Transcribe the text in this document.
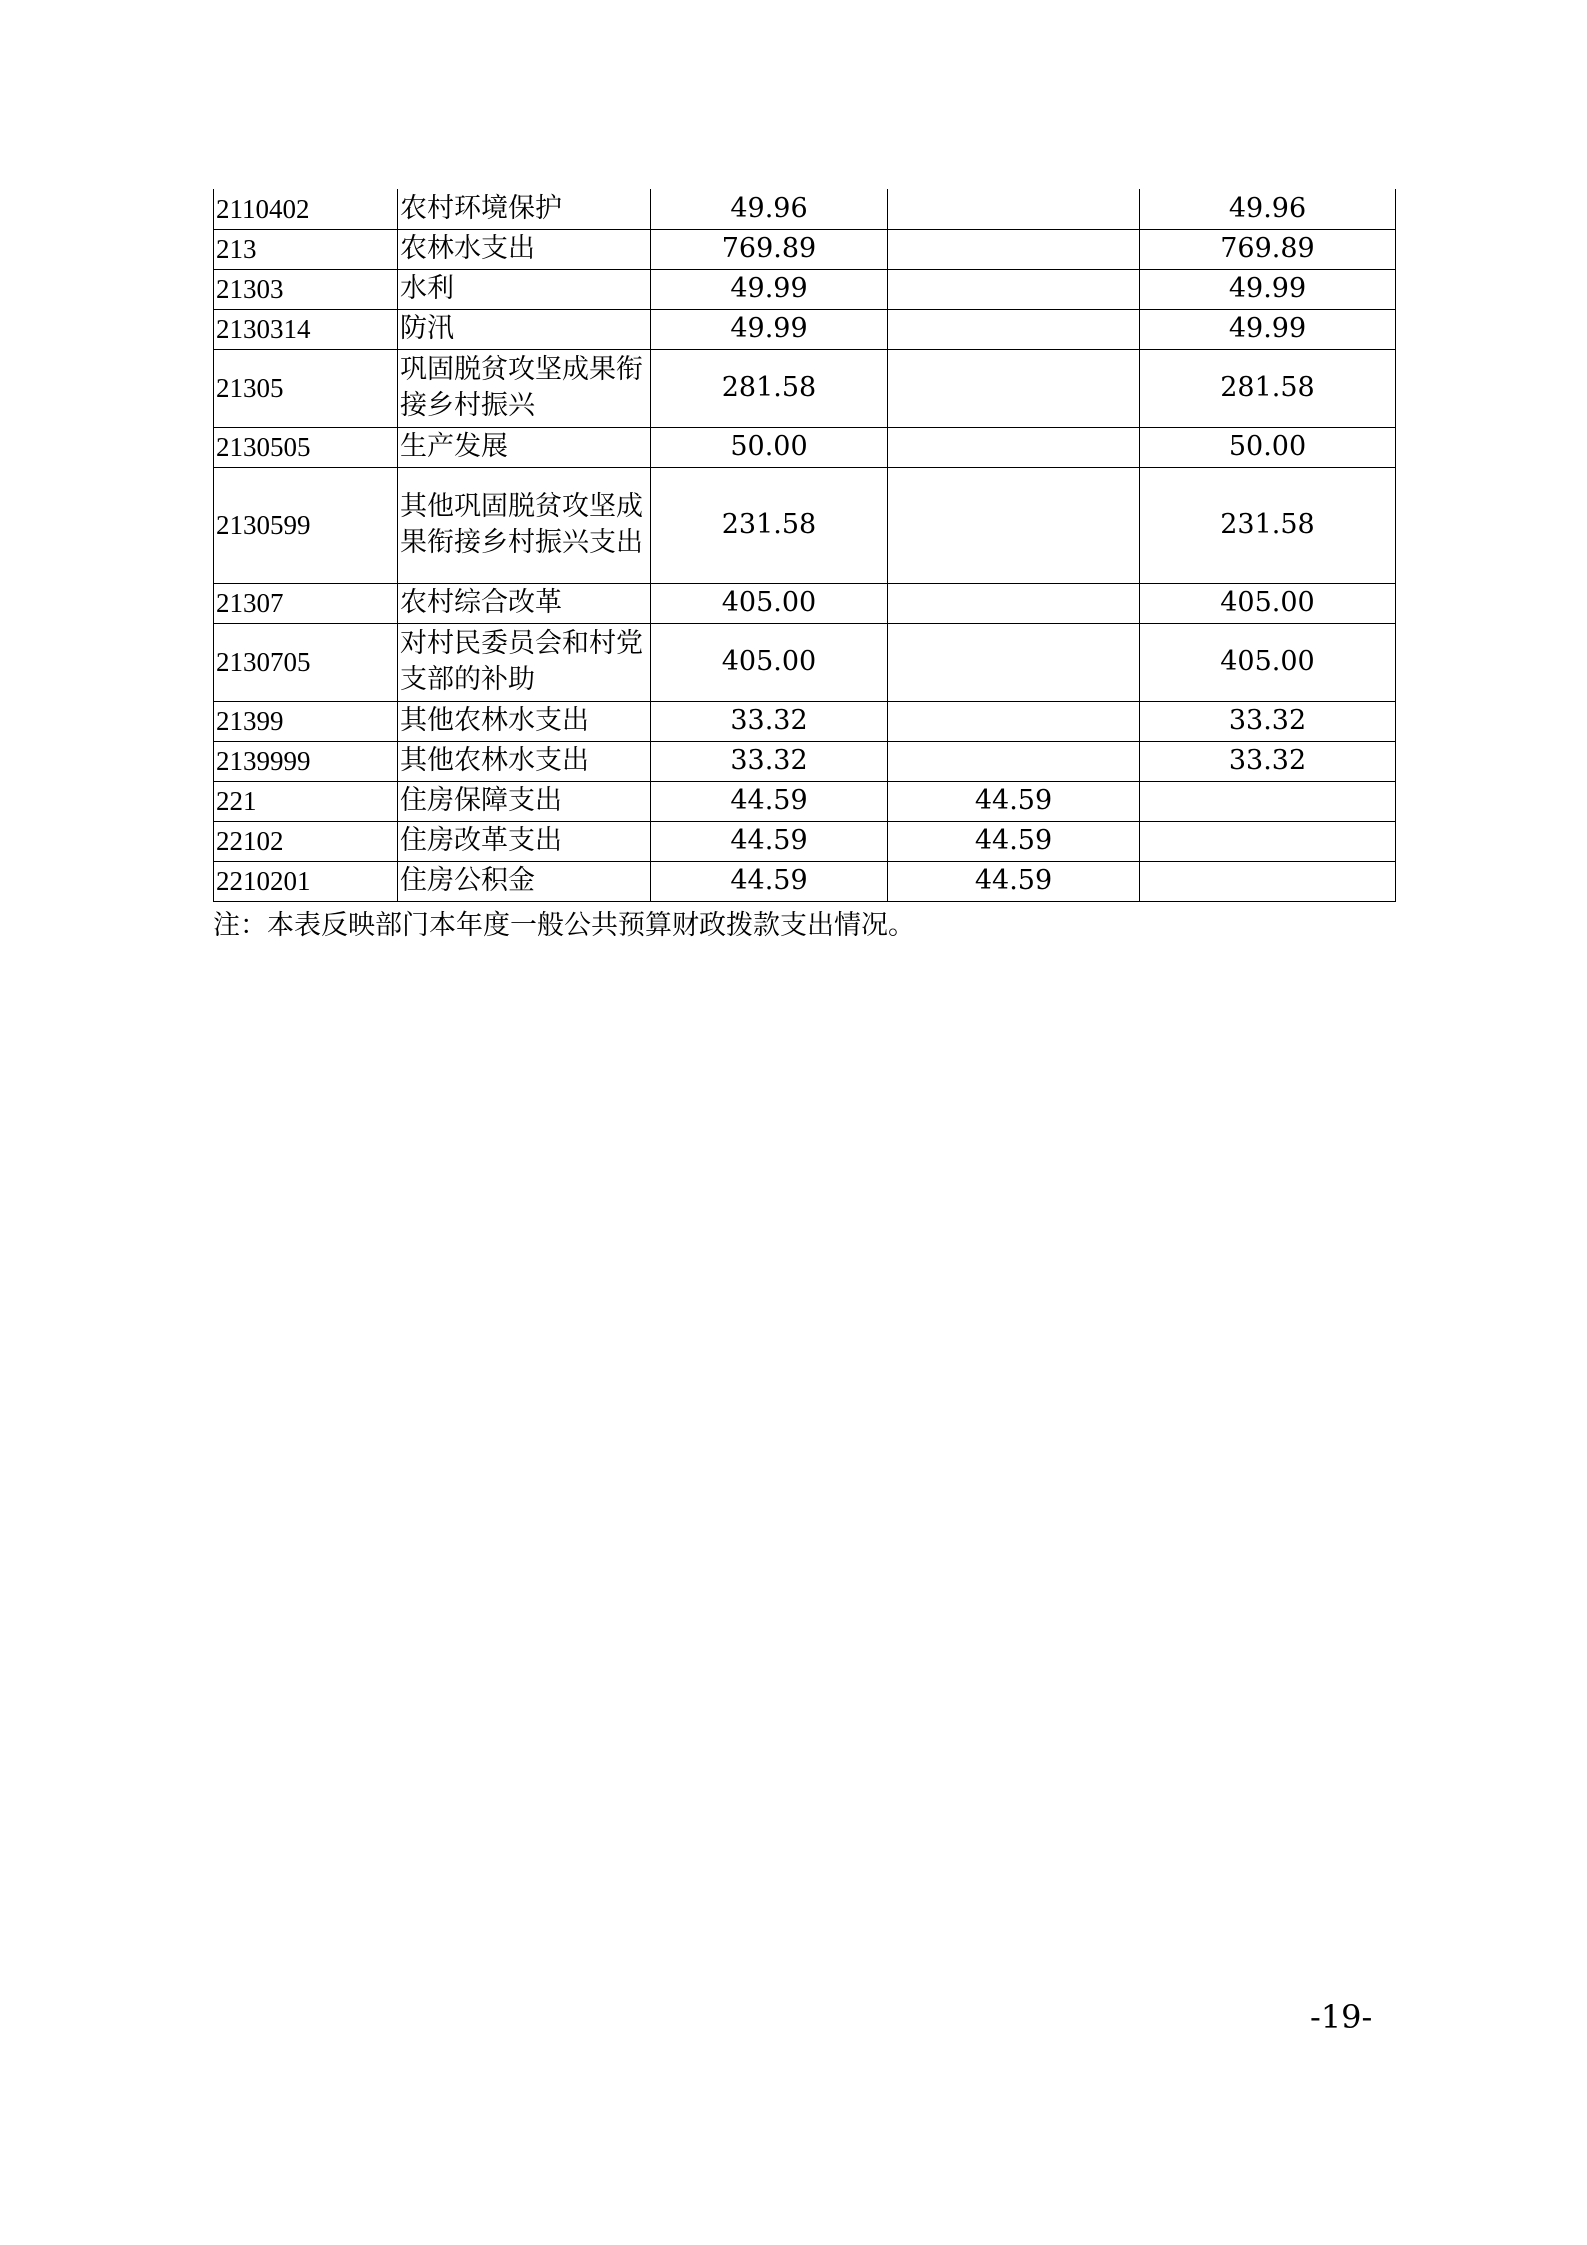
2110402	农村环境保护	49.96		49.96
213	农林水支出	769.89		769.89
21303	水利	49.99		49.99
2130314	防汛	49.99		49.99
21305	巩固脱贫攻坚成果衔接乡村振兴	281.58		281.58
2130505	生产发展	50.00		50.00
2130599	其他巩固脱贫攻坚成果衔接乡村振兴支出	231.58		231.58
21307	农村综合改革	405.00		405.00
2130705	对村民委员会和村党支部的补助	405.00		405.00
21399	其他农林水支出	33.32		33.32
2139999	其他农林水支出	33.32		33.32
221	住房保障支出	44.59	44.59	
22102	住房改革支出	44.59	44.59	
2210201	住房公积金	44.59	44.59	
注：本表反映部门本年度一般公共预算财政拨款支出情况。
-19-
